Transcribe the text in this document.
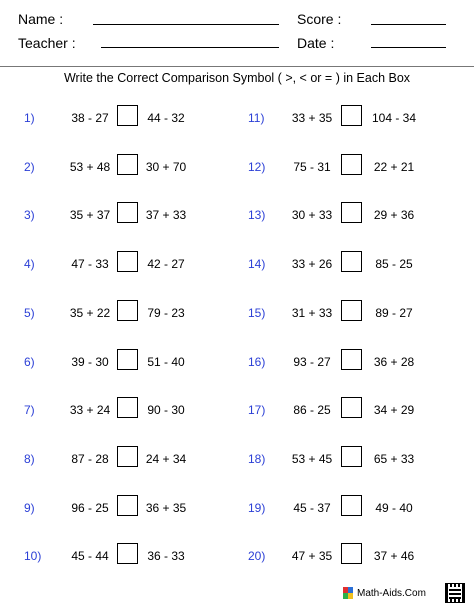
Name :	Score :
Teacher :	Date :
Write the Correct Comparison Symbol ( >, < or = ) in Each Box
1)	38 - 27	44 - 32
2)	53 + 48	30 + 70
3)	35 + 37	37 + 33
4)	47 - 33	42 - 27
5)	35 + 22	79 - 23
6)	39 - 30	51 - 40
7)	33 + 24	90 - 30
8)	87 - 28	24 + 34
9)	96 - 25	36 + 35
10)	45 - 44	36 - 33
11)	33 + 35	104 - 34
12)	75 - 31	22 + 21
13)	30 + 33	29 + 36
14)	33 + 26	85 - 25
15)	31 + 33	89 - 27
16)	93 - 27	36 + 28
17)	86 - 25	34 + 29
18)	53 + 45	65 + 33
19)	45 - 37	49 - 40
20)	47 + 35	37 + 46
Math-Aids.Com
